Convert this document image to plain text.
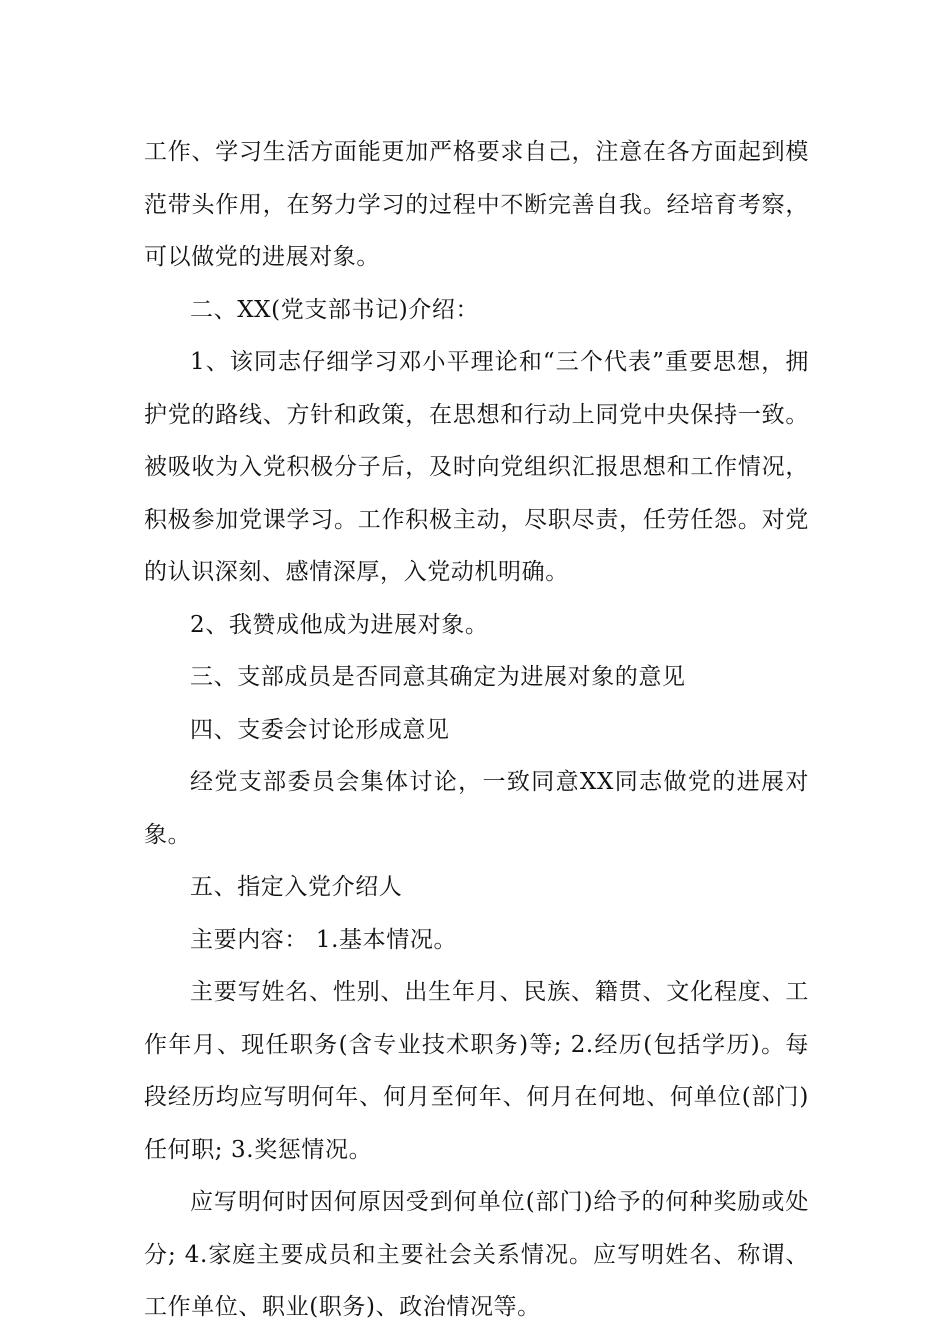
工作、学习生活方面能更加严格要求自己，注意在各方面起到模范带头作用，在努力学习的过程中不断完善自我。经培育考察，可以做党的进展对象。

二、XX(党支部书记)介绍：

1、该同志仔细学习邓小平理论和“三个代表”重要思想，拥护党的路线、方针和政策，在思想和行动上同党中央保持一致。被吸收为入党积极分子后，及时向党组织汇报思想和工作情况，积极参加党课学习。工作积极主动，尽职尽责，任劳任怨。对党的认识深刻、感情深厚，入党动机明确。

2、我赞成他成为进展对象。

三、支部成员是否同意其确定为进展对象的意见

四、支委会讨论形成意见

经党支部委员会集体讨论，一致同意XX同志做党的进展对象。

五、指定入党介绍人

主要内容： 1.基本情况。

主要写姓名、性别、出生年月、民族、籍贯、文化程度、工作年月、现任职务(含专业技术职务)等; 2.经历(包括学历)。每段经历均应写明何年、何月至何年、何月在何地、何单位(部门)任何职; 3.奖惩情况。

应写明何时因何原因受到何单位(部门)给予的何种奖励或处分; 4.家庭主要成员和主要社会关系情况。应写明姓名、称谓、工作单位、职业(职务)、政治情况等。
